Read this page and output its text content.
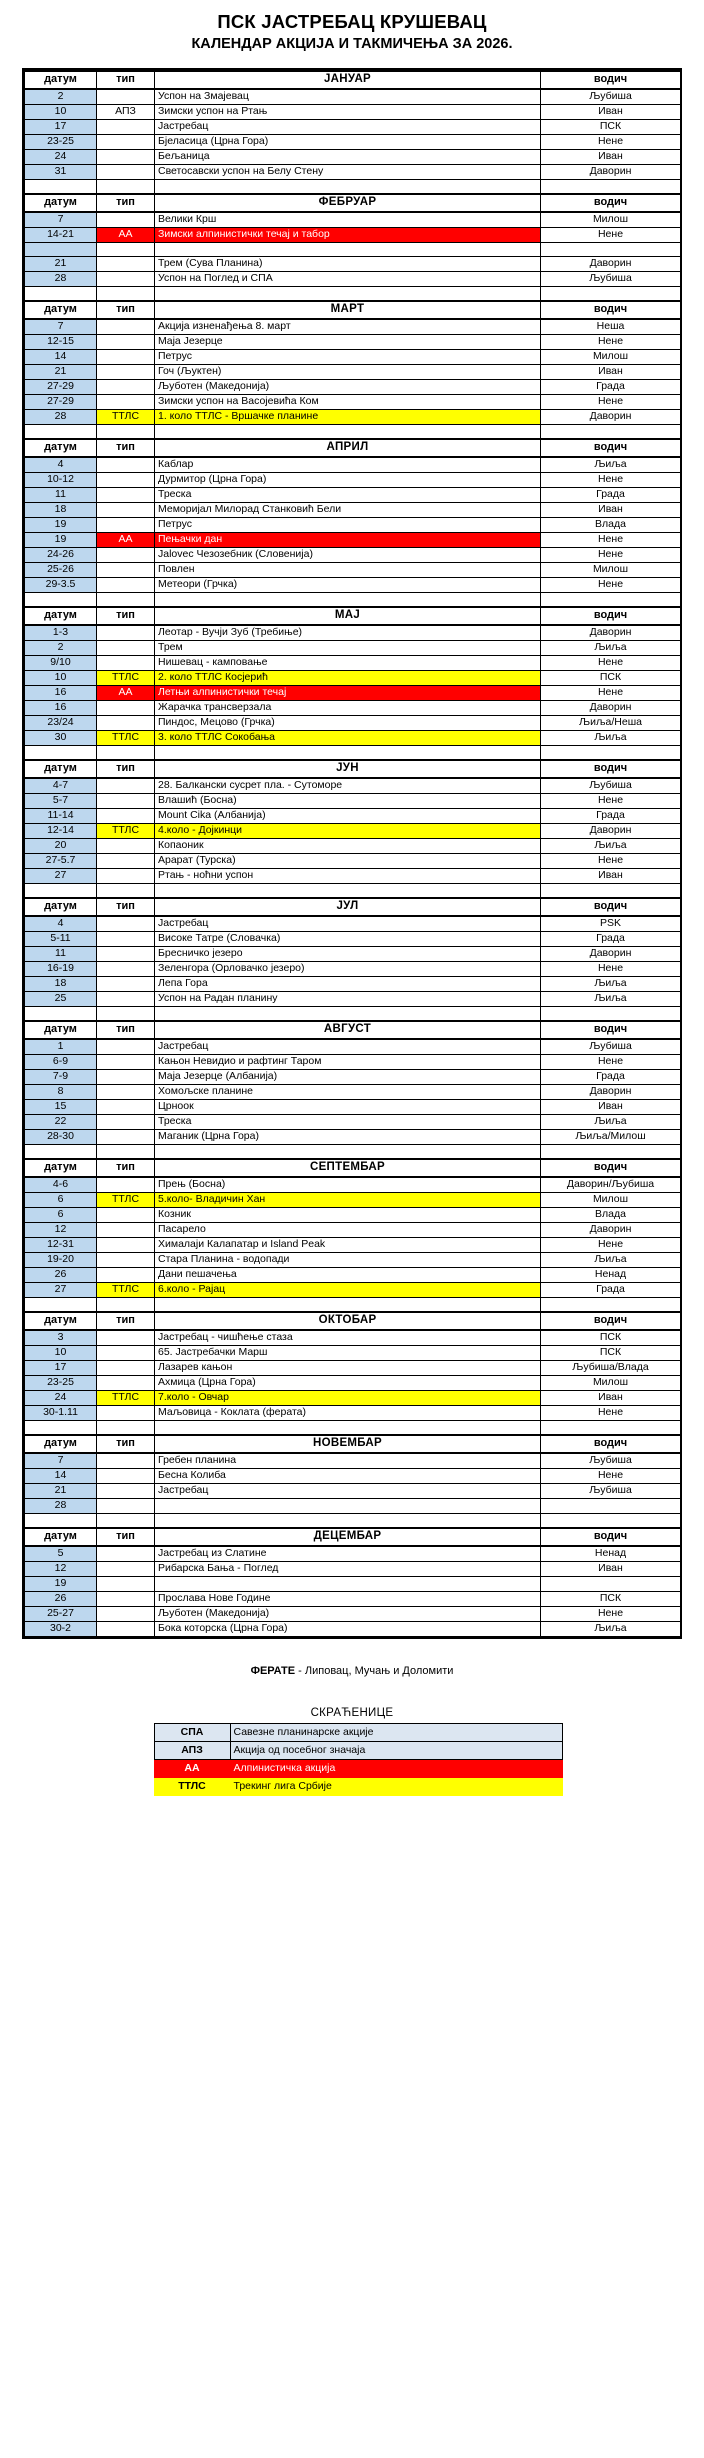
ПСК ЈАСТРЕБАЦ КРУШЕВАЦ
КАЛЕНДАР АКЦИЈА И ТАКМИЧЕЊА ЗА 2026.
датум	тип	ЈАНУАР	водич
2		Успон на Змајевац	Љубиша
10	АПЗ	Зимски успон на Ртањ	Иван
17		Јастребац	ПСК
23-25		Бјеласица (Црна Гора)	Нене
24		Бељаница	Иван
31		Светосавски успон на Белу Стену	Даворин

датум	тип	ФЕБРУАР	водич
7		Велики Крш	Милош
14-21	АА	Зимски алпинистички течај и табор	Нене

21		Трем (Сува Планина)	Даворин
28		Успон на Поглед и СПА	Љубиша

датум	тип	МАРТ	водич
7		Акција изненађења 8. март	Неша
12-15		Maja Језерце	Нене
14		Петрус	Милош
21		Гоч (Љуктен)	Иван
27-29		Љуботен (Македонија)	Града
27-29		Зимски успон на Васојевића Ком	Нене
28	ТТЛС	1. коло ТТЛС - Вршачке планине	Даворин

датум	тип	АПРИЛ	водич
4		Каблар	Љиља
10-12		Дурмитор (Црна Гора)	Нене
11		Треска	Града
18		Меморијал Милорад Станковић Бели	Иван
19		Петрус	Влада
19	АА	Пењачки дан	Нене
24-26		Jalovec Чезозебник (Словенија)	Нене
25-26		Повлен	Милош
29-3.5		Метеори (Грчка)	Нене

датум	тип	МАЈ	водич
1-3		Леотар - Вучји Зуб (Требиње)	Даворин
2		Трем	Љиља
9/10		Нишевац - камповање	Нене
10	ТТЛС	2. коло ТТЛС Косјерић	ПСК
16	АА	Летњи алпинистички течај	Нене
16		Жарачка трансверзала	Даворин
23/24		Пиндос, Мецово (Грчка)	Љиља/Неша
30	ТТЛС	3. коло ТТЛС Сокобања	Љиља

датум	тип	ЈУН	водич
4-7		28. Балкански сусрет пла. - Сутоморе	Љубиша
5-7		Влашић (Босна)	Нене
11-14		Mount Cika (Албанија)	Града
12-14	ТТЛС	4.коло - Дојкинци	Даворин
20		Копаоник	Љиља
27-5.7		Арарат (Турска)	Нене
27		Ртањ - ноћни успон	Иван

датум	тип	ЈУЛ	водич
4		Јастребац	PSK
5-11		Високе Татре (Словачка)	Града
11		Бресничко језеро	Даворин
16-19		Зеленгора (Орловачко језеро)	Нене
18		Лепа Гора	Љиља
25		Успон на Радан планину	Љиља

датум	тип	АВГУСТ	водич
1		Јастребац	Љубиша
6-9		Кањон Невидио и рафтинг Таром	Нене
7-9		Maja Језерце (Албанија)	Града
8		Хомољске планине	Даворин
15		Црноок	Иван
22		Треска	Љиља
28-30		Маганик (Црна Гора)	Љиља/Милош

датум	тип	СЕПТЕМБАР	водич
4-6		Прењ (Босна)	Даворин/Љубиша
6	ТТЛС	5.коло- Владичин Хан	Милош
6		Козник	Влада
12		Пасарело	Даворин
12-31		Хималаји Калапатар и Island Peak	Нене
19-20		Стара Планина - водопади	Љиља
26		Дани пешачења	Ненад
27	ТТЛС	6.коло - Рајац	Града

датум	тип	ОКТОБАР	водич
3		Јастребац - чишћење стаза	ПСК
10		65. Јастребачки Марш	ПСК
17		Лазарев кањон	Љубиша/Влада
23-25		Ахмица (Црна Гора)	Милош
24	ТТЛС	7.коло - Овчар	Иван
30-1.11		Маљовица - Коклата (ферата)	Нене

датум	тип	НОВЕМБАР	водич
7		Гребен планина	Љубиша
14		Бесна Колиба	Нене
21		Јастребац	Љубиша
28			

датум	тип	ДЕЦЕМБАР	водич
5		Јастребац из Слатине	Ненад
12		Рибарска Бања - Поглед	Иван
19			
26		Прослава Нове Године	ПСК
25-27		Љуботен (Македонија)	Нене
30-2		Бока которска (Црна Гора)	Љиља
ФЕРАТЕ - Липовац, Мучањ и Доломити
СКРАЋЕНИЦЕ
СПА	Савезне планинарске акције
АПЗ	Акција од посебног значаја
АА	Алпинистичка акција
ТТЛС	Трекинг лига Србије
